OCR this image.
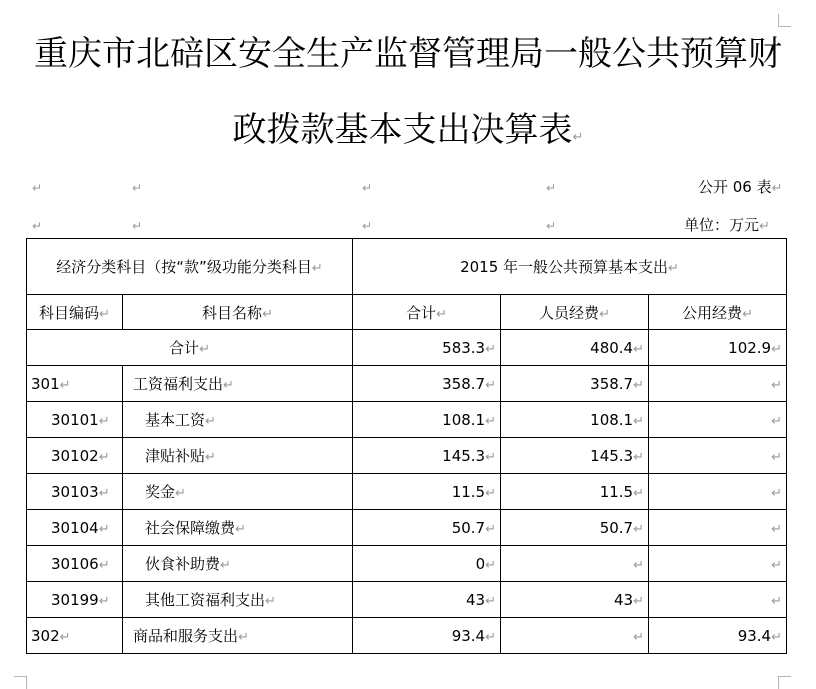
重庆市北碚区安全生产监督管理局一般公共预算财
政拨款基本支出决算表↵
↵	↵	↵	↵	公开 06 表↵
↵	↵	↵	↵	单位：万元↵
经济分类科目（按“款”级功能分类科目↵		2015 年一般公共预算基本支出↵		
科目编码↵	科目名称↵	合计↵	人员经费↵	公用经费↵
合计↵		583.3↵	480.4↵	102.9↵
301↵	工资福利支出↵	358.7↵	358.7↵	↵
30101↵	基本工资↵	108.1↵	108.1↵	↵
30102↵	津贴补贴↵	145.3↵	145.3↵	↵
30103↵	奖金↵	11.5↵	11.5↵	↵
30104↵	社会保障缴费↵	50.7↵	50.7↵	↵
30106↵	伙食补助费↵	0↵	↵	↵
30199↵	其他工资福利支出↵	43↵	43↵	↵
302↵	商品和服务支出↵	93.4↵	↵	93.4↵
